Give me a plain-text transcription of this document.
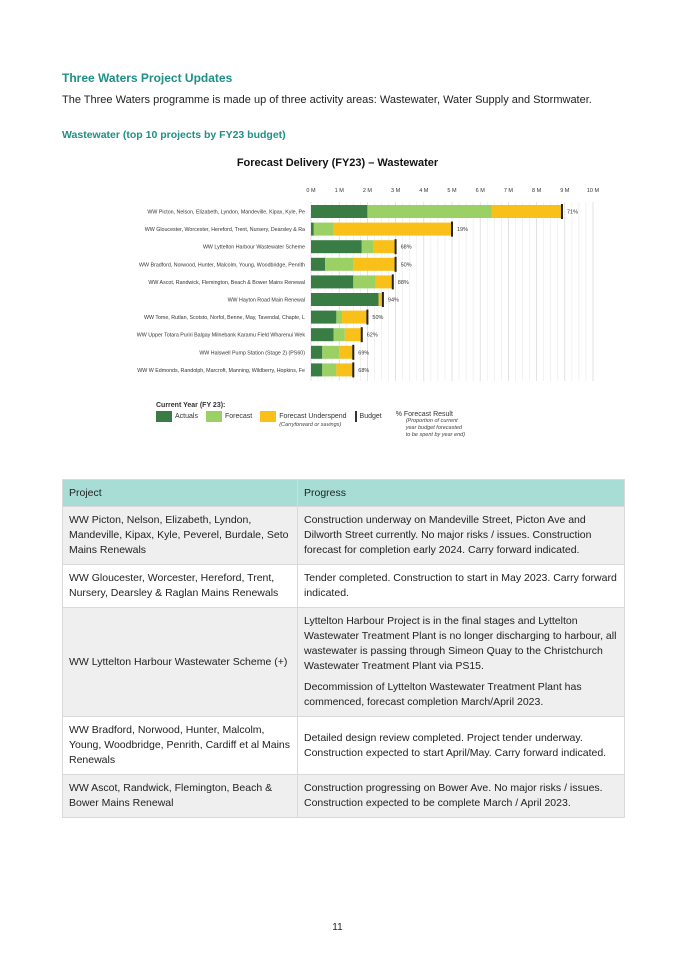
Three Waters Project Updates
The Three Waters programme is made up of three activity areas: Wastewater, Water Supply and Stormwater.
Wastewater (top 10 projects by FY23 budget)
Forecast Delivery (FY23) – Wastewater
0 M	1 M	2 M	3 M	4 M	5 M	6 M	7 M	8 M	9 M	10 M
WW Picton, Nelson, Elizabeth, Lyndon, Mandeville, Kipax, Kyle, Pe	71%
WW Gloucester, Worcester, Hereford, Trent, Nursery, Dearsley & Ra	19%
WW Lyttelton Harbour Wastewater Scheme	68%
WW Bradford, Norwood, Hunter, Malcolm, Young, Woodbridge, Penrith	50%
WW Ascot, Randwick, Flemington, Beach & Bower Mains Renewal	88%
WW Hayton Road Main Renewal	94%
WW Tome, Rutlan, Scotsto, Norfol, Benne, May, Tavendal, Chapte, L	50%
WW Upper Totara Puriri Balgay Milnebank Karamu Field Wharenui Wek	62%
WW Halswell Pump Station (Stage 2) (PS60)	69%
WW W Edmonds, Randolph, Marcroft, Manning, Wildberry, Hopkins, Fe	68%
Current Year (FY 23):
Actuals	Forecast	Forecast Underspend
(Carryforward or savings)
Budget % Forecast Result
(Proportion of current
year budget forecasted
to be spent by year end)
Project	Progress
WW Picton, Nelson, Elizabeth, Lyndon, Mandeville, Kipax, Kyle, Peverel, Burdale, Seto Mains Renewals	Construction underway on Mandeville Street, Picton Ave and Dilworth Street currently. No major risks / issues. Construction forecast for completion early 2024. Carry forward indicated.

WW Gloucester, Worcester, Hereford, Trent, Nursery, Dearsley & Raglan Mains Renewals	Tender completed. Construction to start in May 2023. Carry forward indicated.

WW Lyttelton Harbour Wastewater Scheme (+)	Lyttelton Harbour Project is in the final stages and Lyttelton Wastewater Treatment Plant is no longer discharging to harbour, all wastewater is passing through Simeon Quay to the Christchurch Wastewater Treatment Plant via PS15.

Decommission of Lyttelton Wastewater Treatment Plant has commenced, forecast completion March/April 2023.

WW Bradford, Norwood, Hunter, Malcolm, Young, Woodbridge, Penrith, Cardiff et al Mains Renewals	Detailed design review completed. Project tender underway. Construction expected to start April/May. Carry forward indicated.

WW Ascot, Randwick, Flemington, Beach & Bower Mains Renewal	Construction progressing on Bower Ave. No major risks / issues. Construction expected to be complete March / April 2023.

11
